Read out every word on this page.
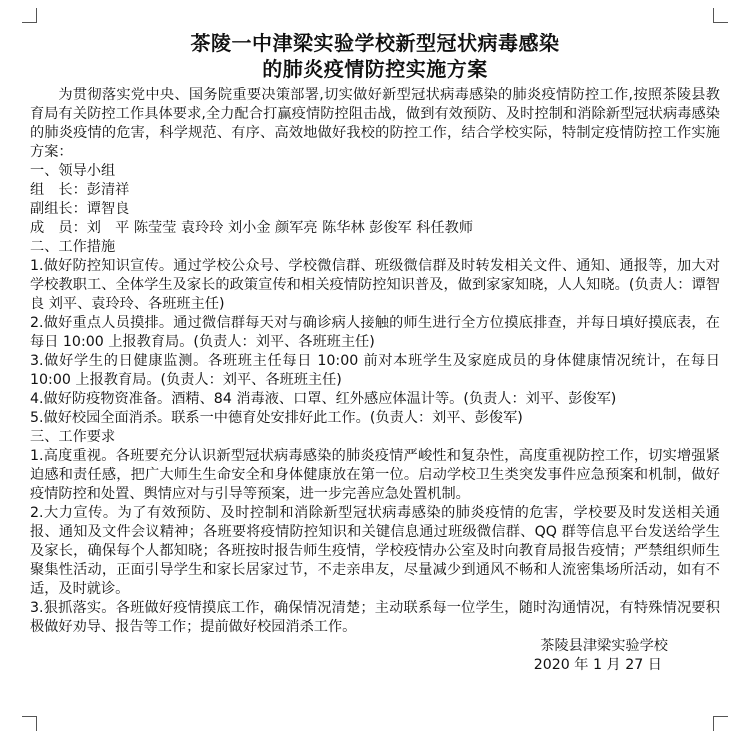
茶陵一中津梁实验学校新型冠状病毒感染
的肺炎疫情防控实施方案

为贯彻落实党中央、国务院重要决策部署,切实做好新型冠状病毒感染的肺炎疫情防控工作,按照茶陵县教育局有关防控工作具体要求,全力配合打赢疫情防控阻击战，做到有效预防、及时控制和消除新型冠状病毒感染的肺炎疫情的危害，科学规范、有序、高效地做好我校的防控工作，结合学校实际，特制定疫情防控工作实施方案：

一、领导小组

组　长：彭清祥

副组长：谭智良

成　员：刘　平 陈莹莹 袁玲玲 刘小金 颜军亮 陈华林 彭俊军 科任教师

二、工作措施

1.做好防控知识宣传。通过学校公众号、学校微信群、班级微信群及时转发相关文件、通知、通报等，加大对学校教职工、全体学生及家长的政策宣传和相关疫情防控知识普及，做到家家知晓，人人知晓。(负责人：谭智良 刘平、袁玲玲、各班班主任)

2.做好重点人员摸排。通过微信群每天对与确诊病人接触的师生进行全方位摸底排查，并每日填好摸底表，在每日 10:00 上报教育局。(负责人：刘平、各班班主任)

3.做好学生的日健康监测。各班班主任每日 10:00 前对本班学生及家庭成员的身体健康情况统计，在每日 10:00 上报教育局。(负责人：刘平、各班班主任)

4.做好防疫物资准备。酒精、84 消毒液、口罩、红外感应体温计等。(负责人：刘平、彭俊军)

5.做好校园全面消杀。联系一中德育处安排好此工作。(负责人：刘平、彭俊军)

三、工作要求

1.高度重视。各班要充分认识新型冠状病毒感染的肺炎疫情严峻性和复杂性，高度重视防控工作，切实增强紧迫感和责任感，把广大师生生命安全和身体健康放在第一位。启动学校卫生类突发事件应急预案和机制，做好疫情防控和处置、舆情应对与引导等预案，进一步完善应急处置机制。

2.大力宣传。为了有效预防、及时控制和消除新型冠状病毒感染的肺炎疫情的危害，学校要及时发送相关通报、通知及文件会议精神；各班要将疫情防控知识和关键信息通过班级微信群、QQ 群等信息平台发送给学生及家长，确保每个人都知晓；各班按时报告师生疫情，学校疫情办公室及时向教育局报告疫情；严禁组织师生聚集性活动，正面引导学生和家长居家过节，不走亲串友，尽量减少到通风不畅和人流密集场所活动，如有不适，及时就诊。

3.狠抓落实。各班做好疫情摸底工作，确保情况清楚；主动联系每一位学生，随时沟通情况，有特殊情况要积极做好劝导、报告等工作；提前做好校园消杀工作。

茶陵县津梁实验学校

2020 年 1 月 27 日
